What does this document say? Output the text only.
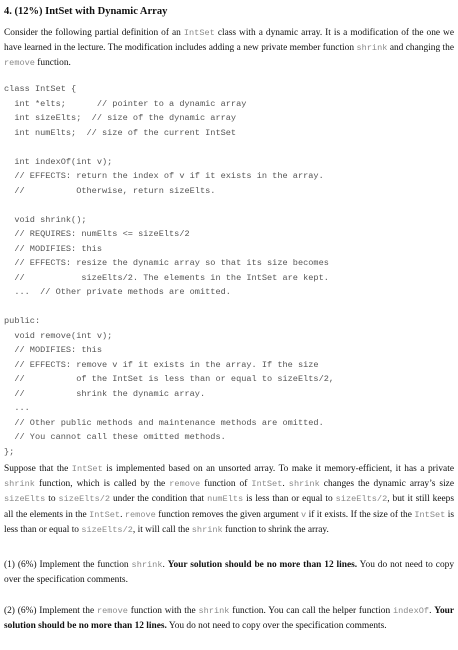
4. (12%) IntSet with Dynamic Array
Consider the following partial definition of an IntSet class with a dynamic array. It is a modification of the one we have learned in the lecture. The modification includes adding a new private member function shrink and changing the remove function.
class IntSet {
int *elts;      // pointer to a dynamic array
int sizeElts;  // size of the dynamic array
int numElts;  // size of the current IntSet
int indexOf(int v);
// EFFECTS: return the index of v if it exists in the array.
//          Otherwise, return sizeElts.
void shrink();
// REQUIRES: numElts <= sizeElts/2
// MODIFIES: this
// EFFECTS: resize the dynamic array so that its size becomes
//           sizeElts/2. The elements in the IntSet are kept.
...  // Other private methods are omitted.
public:
void remove(int v);
// MODIFIES: this
// EFFECTS: remove v if it exists in the array. If the size
//          of the IntSet is less than or equal to sizeElts/2,
//          shrink the dynamic array.
...
// Other public methods and maintenance methods are omitted.
// You cannot call these omitted methods.
};
Suppose that the IntSet is implemented based on an unsorted array. To make it memory-efficient, it has a private shrink function, which is called by the remove function of IntSet. shrink changes the dynamic array’s size sizeElts to sizeElts/2 under the condition that numElts is less than or equal to sizeElts/2, but it still keeps all the elements in the IntSet. remove function removes the given argument v if it exists. If the size of the IntSet is less than or equal to sizeElts/2, it will call the shrink function to shrink the array.
(1) (6%) Implement the function shrink. Your solution should be no more than 12 lines. You do not need to copy over the specification comments.
(2) (6%) Implement the remove function with the shrink function. You can call the helper function indexOf. Your solution should be no more than 12 lines. You do not need to copy over the specification comments.
